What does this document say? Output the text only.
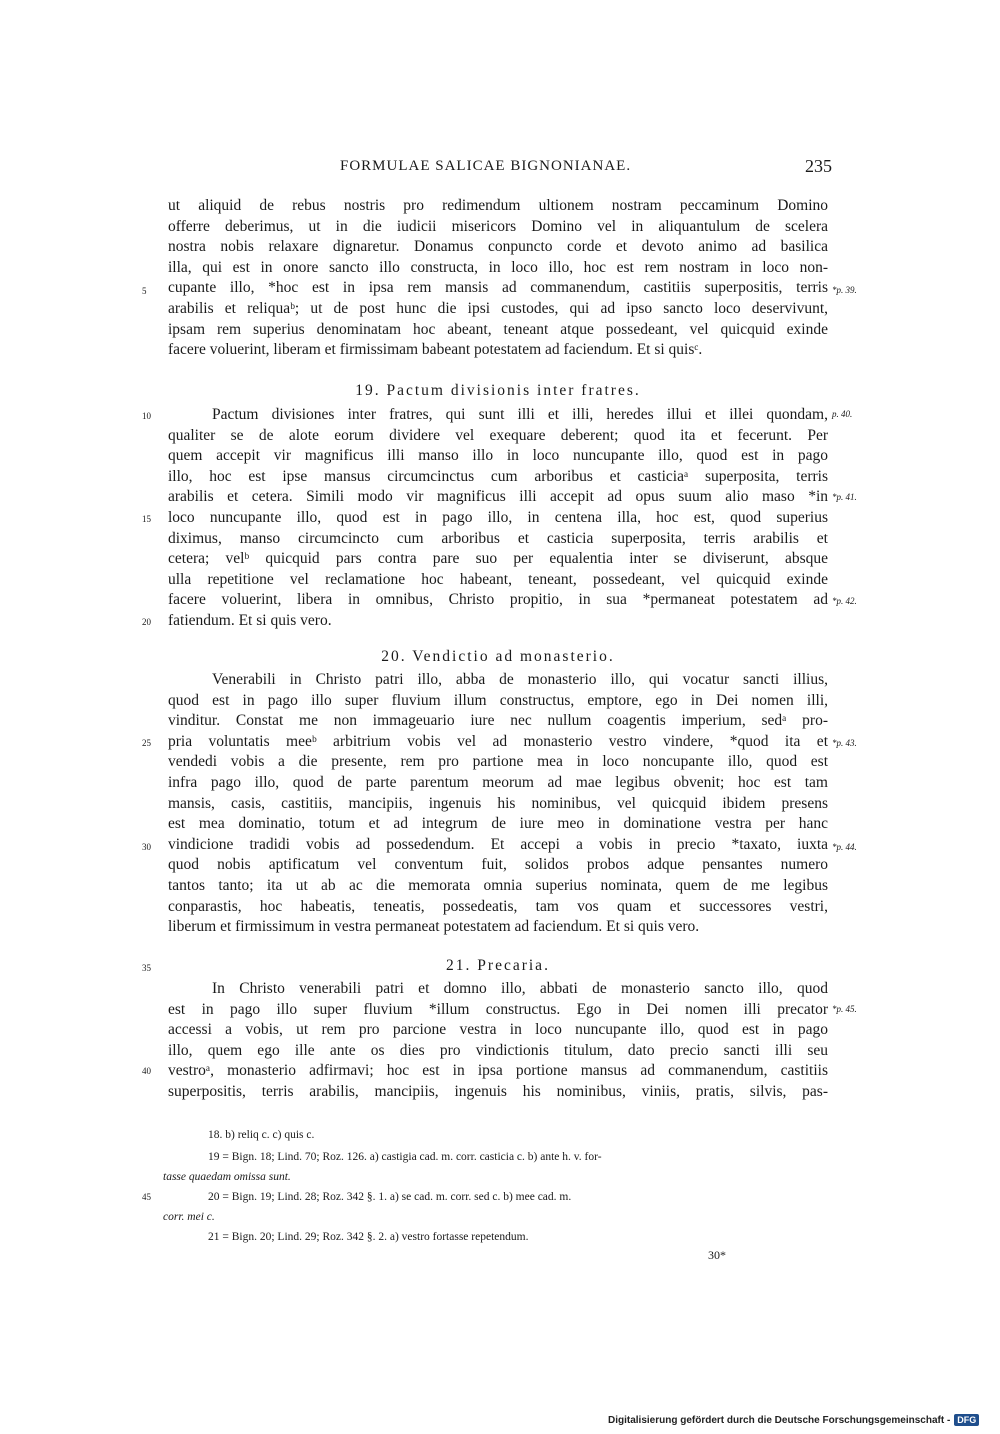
FORMULAE SALICAE BIGNONIANAE.	235
ut aliquid de rebus nostris pro redimendum ultionem nostram peccaminum Domino
offerre deberimus, ut in die iudicii misericors Domino vel in aliquantulum de scelera
nostra nobis relaxare dignaretur. Donamus conpuncto corde et devoto animo ad basilica
illa, qui est in onore sancto illo constructa, in loco illo, hoc est rem nostram in loco non-
cupante illo, *hoc est in ipsa rem mansis ad commanendum, castitiis superpositis, terris
arabilis et reliquaᵇ; ut de post hunc die ipsi custodes, qui ad ipso sancto loco deservivunt,
ipsam rem superius denominatam hoc abeant, teneant atque possedeant, vel quicquid exinde
facere voluerint, liberam et firmissimam babeant potestatem ad faciendum. Et si quisᶜ.
19. Pactum divisionis inter fratres.
Pactum divisiones inter fratres, qui sunt illi et illi, heredes illui et illei quondam,
qualiter se de alote eorum dividere vel exequare deberent; quod ita et fecerunt. Per
quem accepit vir magnificus illi manso illo in loco nuncupante illo, quod est in pago
illo, hoc est ipse mansus circumcinctus cum arboribus et casticiaᵃ superposita, terris
arabilis et cetera. Simili modo vir magnificus illi accepit ad opus suum alio maso *in
loco nuncupante illo, quod est in pago illo, in centena illa, hoc est, quod superius
diximus, manso circumcincto cum arboribus et casticia superposita, terris arabilis et
cetera; velᵇ quicquid pars contra pare suo per equalentia inter se diviserunt, absque
ulla repetitione vel reclamatione hoc habeant, teneant, possedeant, vel quicquid exinde
facere voluerint, libera in omnibus, Christo propitio, in sua *permaneat potestatem ad
fatiendum. Et si quis vero.
20. Vendictio ad monasterio.
Venerabili in Christo patri illo, abba de monasterio illo, qui vocatur sancti illius,
quod est in pago illo super fluvium illum constructus, emptore, ego in Dei nomen illi,
vinditur. Constat me non immageuario iure nec nullum coagentis imperium, sedᵃ pro-
pria voluntatis meeᵇ arbitrium vobis vel ad monasterio vestro vindere, *quod ita et
vendedi vobis a die presente, rem pro partione mea in loco noncupante illo, quod est
infra pago illo, quod de parte parentum meorum ad mae legibus obvenit; hoc est tam
mansis, casis, castitiis, mancipiis, ingenuis his nominibus, vel quicquid ibidem presens
est mea dominatio, totum et ad integrum de iure meo in dominatione vestra per hanc
vindicione tradidi vobis ad possedendum. Et accepi a vobis in precio *taxato, iuxta
quod nobis aptificatum vel conventum fuit, solidos probos adque pensantes numero
tantos tanto; ita ut ab ac die memorata omnia superius nominata, quem de me legibus
conparastis, hoc habeatis, teneatis, possedeatis, tam vos quam et successores vestri,
liberum et firmissimum in vestra permaneat potestatem ad faciendum. Et si quis vero.
21. Precaria.
In Christo venerabili patri et domno illo, abbati de monasterio sancto illo, quod
est in pago illo super fluvium *illum constructus. Ego in Dei nomen illi precator
accessi a vobis, ut rem pro parcione vestra in loco nuncupante illo, quod est in pago
illo, quem ego ille ante os dies pro vindictionis titulum, dato precio sancti illi seu
vestroᵃ, monasterio adfirmavi; hoc est in ipsa portione mansus ad commanendum, castitiis
superpositis, terris arabilis, mancipiis, ingenuis his nominibus, viniis, pratis, silvis, pas-
5
10
15
20
25
30
35
40
45
*p. 39.
p. 40.
*p. 41.
*p. 42.
*p. 43.
*p. 44.
*p. 45.
18. b) reliq c. c) quis c.
19 = Bign. 18; Lind. 70; Roz. 126. a) castigia cad. m. corr. casticia c. b) ante h. v. for-
tasse quaedam omissa sunt.
20 = Bign. 19; Lind. 28; Roz. 342 §. 1. a) se cad. m. corr. sed c. b) mee cad. m.
corr. mei c.
21 = Bign. 20; Lind. 29; Roz. 342 §. 2. a) vestro fortasse repetendum.
30*
Digitalisierung gefördert durch die Deutsche Forschungsgemeinschaft - DFG
